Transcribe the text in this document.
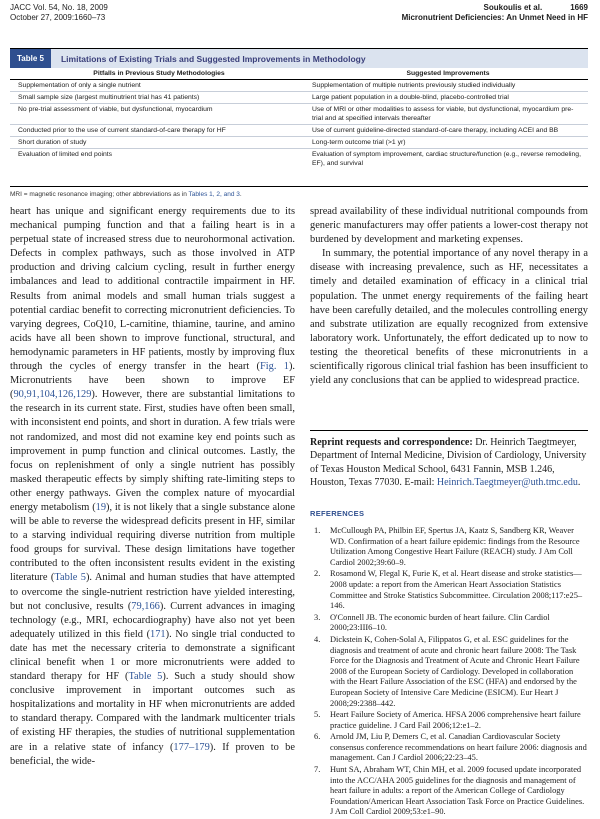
JACC Vol. 54, No. 18, 2009
October 27, 2009:1660–73
Soukoulis et al.	1669
Micronutrient Deficiencies: An Unmet Need in HF
Table 5	Limitations of Existing Trials and Suggested Improvements in Methodology
Pitfalls in Previous Study Methodologies	Suggested Improvements
Supplementation of only a single nutrient	Supplementation of multiple nutrients previously studied individually
Small sample size (largest multinutrient trial has 41 patients)	Large patient population in a double-blind, placebo-controlled trial
No pre-trial assessment of viable, but dysfunctional, myocardium	Use of MRI or other modalities to assess for viable, but dysfunctional, myocardium pre-trial and at specified intervals thereafter
Conducted prior to the use of current standard-of-care therapy for HF	Use of current guideline-directed standard-of-care therapy, including ACEI and BB
Short duration of study	Long-term outcome trial (>1 yr)
Evaluation of limited end points	Evaluation of symptom improvement, cardiac structure/function (e.g., reverse remodeling, EF), and survival
MRI = magnetic resonance imaging; other abbreviations as in Tables 1, 2, and 3.
heart has unique and significant energy requirements due to its mechanical pumping function and that a failing heart is in a perpetual state of increased stress due to neurohormonal activation. Defects in complex pathways, such as those involved in ATP production and driving calcium cycling, result in further energy imbalances and lead to additional contractile impairment in HF. Results from animal models and small human trials suggest a potential cardiac benefit to correcting micronutrient deficiencies. To varying degrees, CoQ10, L-carnitine, thiamine, taurine, and amino acids have all been shown to improve functional, structural, and hemodynamic parameters in HF patients, mostly by improving flux through the cycles of energy transfer in the heart (Fig. 1). Micronutrients have been shown to improve EF (90,91,104,126,129). However, there are substantial limitations to the research in its current state. First, studies have often been small, with inconsistent end points, and short in duration. A few trials were not randomized, and most did not examine key end points such as improvement in pump function and clinical outcomes. Lastly, the focus on replenishment of only a single nutrient has possibly masked therapeutic effects by simply shifting rate-limiting steps to other energy pathways. Given the complex nature of myocardial energy metabolism (19), it is not likely that a single substance alone will be able to reverse the widespread deficits present in HF, similar to a starving individual requiring diverse nutrition from multiple food groups for survival. These design limitations have together contributed to the often inconsistent results evident in the existing literature (Table 5). Animal and human studies that have attempted to overcome the single-nutrient restriction have yielded interesting, but not conclusive, results (79,166). Current advances in imaging technology (e.g., MRI, echocardiography) have also not yet been adequately utilized in this field (171). No single trial conducted to date has met the necessary criteria to demonstrate a significant clinical benefit when 1 or more micronutrients were added to standard therapy for HF (Table 5). Such a study should show conclusive improvement in important outcomes such as hospitalizations and mortality in HF when micronutrients are added to standard therapy. Compared with the landmark multicenter trials of existing HF therapies, the studies of nutritional supplementation are in a relative state of infancy (177–179). If proven to be beneficial, the wide-

spread availability of these individual nutritional compounds from generic manufacturers may offer patients a lower-cost therapy not burdened by development and marketing expenses.

In summary, the potential importance of any novel therapy in a disease with increasing prevalence, such as HF, necessitates a timely and detailed examination of efficacy in a clinical trial population. The unmet energy requirements of the failing heart have been carefully detailed, and the molecules controlling energy and substrate utilization are equally recognized from extensive laboratory work. Unfortunately, the effort dedicated up to now to testing the theoretical benefits of these micronutrients in a scientifically rigorous clinical trial fashion has been insufficient to yield any conclusions that can be applied to widespread practice.

Reprint requests and correspondence: Dr. Heinrich Taegtmeyer, Department of Internal Medicine, Division of Cardiology, University of Texas Houston Medical School, 6431 Fannin, MSB 1.246, Houston, Texas 77030. E-mail: Heinrich.Taegtmeyer@uth.tmc.edu.
REFERENCES
1. McCullough PA, Philbin EF, Spertus JA, Kaatz S, Sandberg KR, Weaver WD. Confirmation of a heart failure epidemic: findings from the Resource Utilization Among Congestive Heart Failure (REACH) study. J Am Coll Cardiol 2002;39:60–9.
2. Rosamond W, Flegal K, Furie K, et al. Heart disease and stroke statistics—2008 update: a report from the American Heart Association Statistics Committee and Stroke Statistics Subcommittee. Circulation 2008;117:e25–146.
3. O'Connell JB. The economic burden of heart failure. Clin Cardiol 2000;23:III6–10.
4. Dickstein K, Cohen-Solal A, Filippatos G, et al. ESC guidelines for the diagnosis and treatment of acute and chronic heart failure 2008: The Task Force for the Diagnosis and Treatment of Acute and Chronic Heart Failure 2008 of the European Society of Cardiology. Developed in collaboration with the Heart Failure Association of the ESC (HFA) and endorsed by the European Society of Intensive Care Medicine (ESICM). Eur Heart J 2008;29:2388–442.
5. Heart Failure Society of America. HFSA 2006 comprehensive heart failure practice guideline. J Card Fail 2006;12:e1–2.
6. Arnold JM, Liu P, Demers C, et al. Canadian Cardiovascular Society consensus conference recommendations on heart failure 2006: diagnosis and management. Can J Cardiol 2006;22:23–45.
7. Hunt SA, Abraham WT, Chin MH, et al. 2009 focused update incorporated into the ACC/AHA 2005 guidelines for the diagnosis and management of heart failure in adults: a report of the American College of Cardiology Foundation/American Heart Association Task Force on Practice Guidelines. J Am Coll Cardiol 2009;53:e1–90.
